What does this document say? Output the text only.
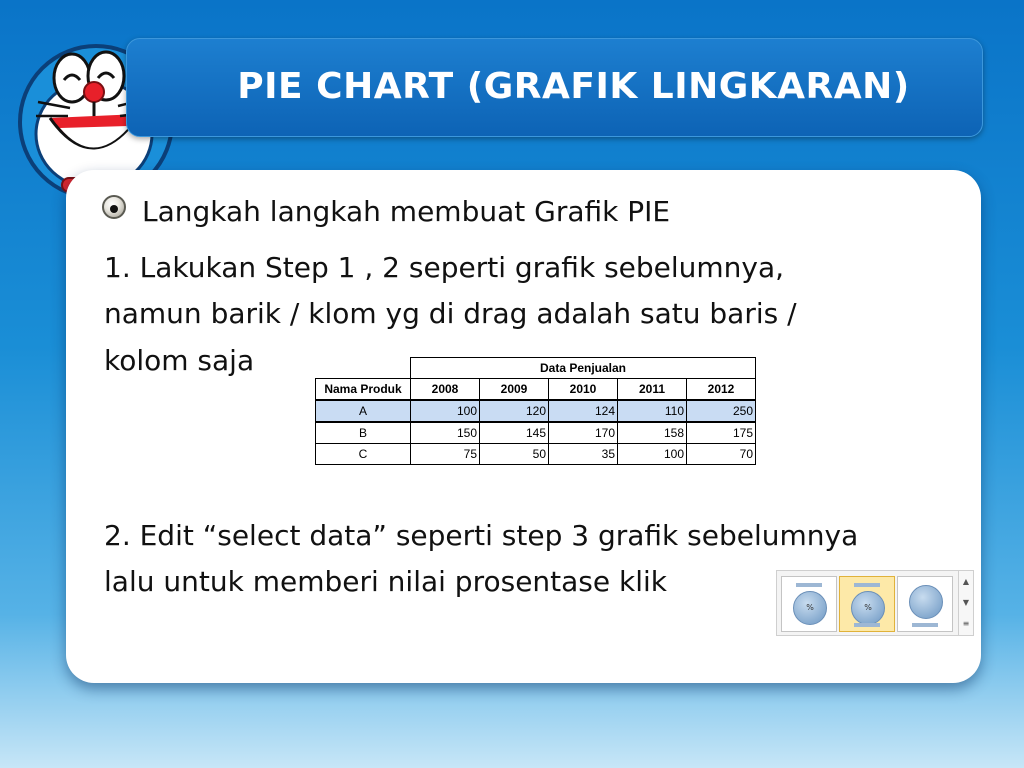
PIE CHART (GRAFIK LINGKARAN)
Langkah langkah membuat Grafik PIE
1. Lakukan Step 1 , 2 seperti grafik sebelumnya,
namun barik / klom yg di drag adalah satu baris /
kolom saja
		Data Penjualan				
Nama Produk	2008	2009	2010	2011	2012
A	100	120	124	110	250
B	150	145	170	158	175
C	75	50	35	100	70
2. Edit “select data” seperti step 3 grafik sebelumnya
lalu untuk memberi nilai prosentase klik
%	%
▲
▼
≡
